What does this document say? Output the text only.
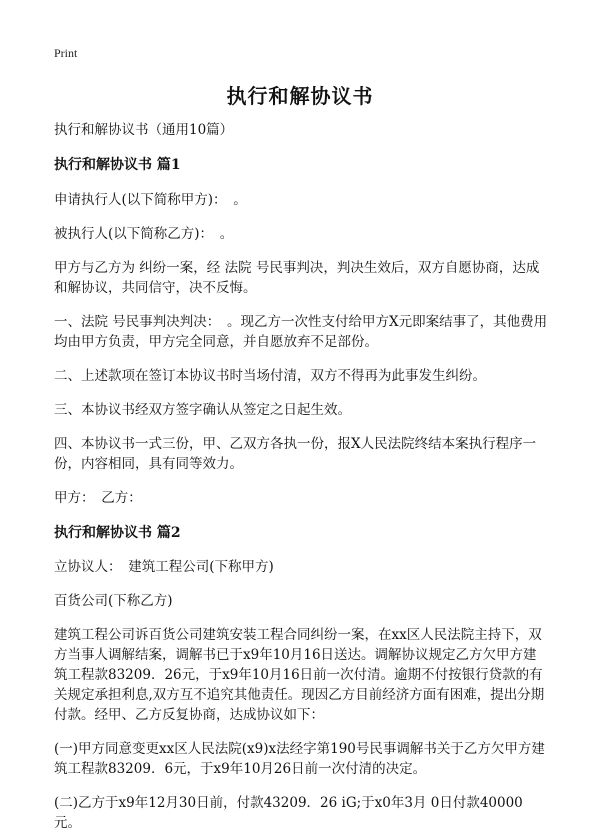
Print
执行和解协议书

执行和解协议书（通用10篇）

执行和解协议书 篇1

申请执行人(以下简称甲方)：　。

被执行人(以下简称乙方)：　。

甲方与乙方为 纠纷一案，经 法院 号民事判决，判决生效后，双方自愿协商，达成和解协议，共同信守，决不反悔。

一、法院 号民事判决判决：　。现乙方一次性支付给甲方X元即案结事了，其他费用均由甲方负责，甲方完全同意，并自愿放弃不足部份。

二、上述款项在签订本协议书时当场付清，双方不得再为此事发生纠纷。

三、本协议书经双方签字确认从签定之日起生效。

四、本协议书一式三份，甲、乙双方各执一份，报X人民法院终结本案执行程序一份，内容相同，具有同等效力。

甲方：　乙方：

执行和解协议书 篇2

立协议人：　建筑工程公司(下称甲方)

百货公司(下称乙方)

建筑工程公司诉百货公司建筑安装工程合同纠纷一案，在xx区人民法院主持下，双方当事人调解结案，调解书已于x9年10月16日送达。调解协议规定乙方欠甲方建筑工程款83209．26元，于x9年10月16日前一次付清。逾期不付按银行贷款的有关规定承担利息,双方互不追究其他责任。现因乙方目前经济方面有困难，提出分期付款。经甲、乙方反复协商，达成协议如下：

(一)甲方同意变更xx区人民法院(x9)x法经字第190号民事调解书关于乙方欠甲方建筑工程款83209．6元，于x9年10月26日前一次付清的决定。

(二)乙方于x9年12月30日前，付款43209．26 iG;于x0年3月 0日付款40000元。
